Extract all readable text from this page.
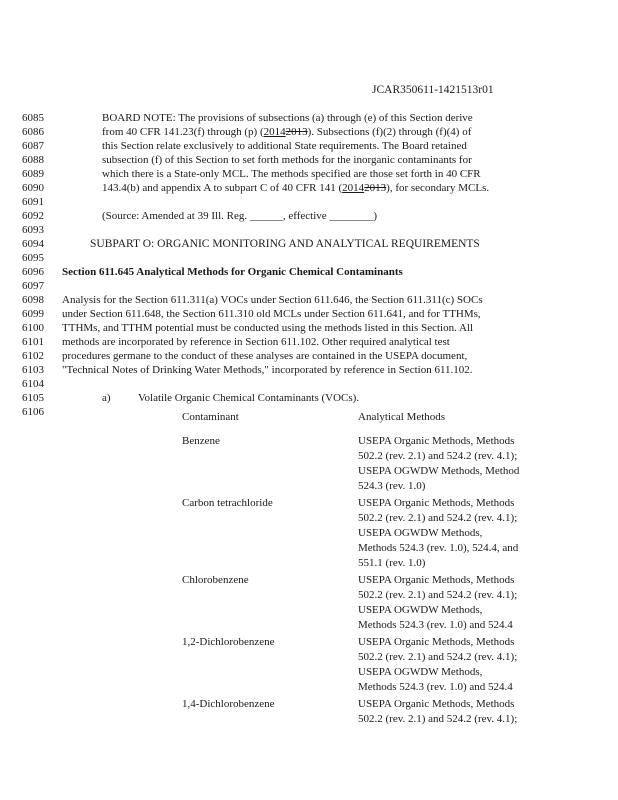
JCAR350611-1421513r01
6085
6086
6087
6088
6089
6090
6091
6092
6093
6094
6095
6096
6097
6098
6099
6100
6101
6102
6103
6104
6105
6106
BOARD NOTE: The provisions of subsections (a) through (e) of this Section derive
from 40 CFR 141.23(f) through (p) (20142013). Subsections (f)(2) through (f)(4) of
this Section relate exclusively to additional State requirements. The Board retained
subsection (f) of this Section to set forth methods for the inorganic contaminants for
which there is a State-only MCL. The methods specified are those set forth in 40 CFR
143.4(b) and appendix A to subpart C of 40 CFR 141 (20142013), for secondary MCLs.
(Source: Amended at 39 Ill. Reg. ______, effective ________)
SUBPART O: ORGANIC MONITORING AND ANALYTICAL REQUIREMENTS
Section 611.645 Analytical Methods for Organic Chemical Contaminants
Analysis for the Section 611.311(a) VOCs under Section 611.646, the Section 611.311(c) SOCs
under Section 611.648, the Section 611.310 old MCLs under Section 611.641, and for TTHMs,
TTHMs, and TTHM potential must be conducted using the methods listed in this Section. All
methods are incorporated by reference in Section 611.102. Other required analytical test
procedures germane to the conduct of these analyses are contained in the USEPA document,
"Technical Notes of Drinking Water Methods," incorporated by reference in Section 611.102.
a) Volatile Organic Chemical Contaminants (VOCs).
Contaminant	Analytical Methods
Benzene	USEPA Organic Methods, Methods
502.2 (rev. 2.1) and 524.2 (rev. 4.1);
USEPA OGWDW Methods, Method
524.3 (rev. 1.0)
Carbon tetrachloride	USEPA Organic Methods, Methods
502.2 (rev. 2.1) and 524.2 (rev. 4.1);
USEPA OGWDW Methods,
Methods 524.3 (rev. 1.0), 524.4, and
551.1 (rev. 1.0)
Chlorobenzene	USEPA Organic Methods, Methods
502.2 (rev. 2.1) and 524.2 (rev. 4.1);
USEPA OGWDW Methods,
Methods 524.3 (rev. 1.0) and 524.4
1,2-Dichlorobenzene	USEPA Organic Methods, Methods
502.2 (rev. 2.1) and 524.2 (rev. 4.1);
USEPA OGWDW Methods,
Methods 524.3 (rev. 1.0) and 524.4
1,4-Dichlorobenzene	USEPA Organic Methods, Methods
502.2 (rev. 2.1) and 524.2 (rev. 4.1);
